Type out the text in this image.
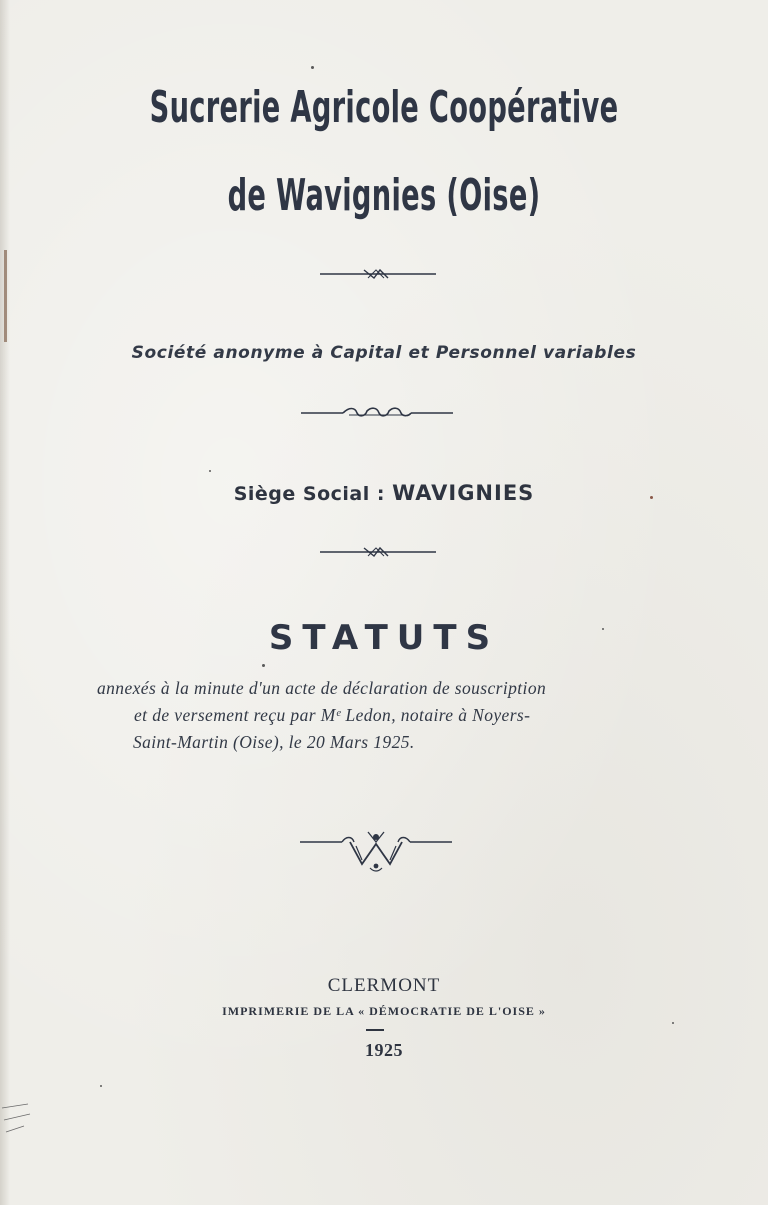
Sucrerie Agricole Coopérative
de Wavignies (Oise)
Société anonyme à Capital et Personnel variables
Siège Social : WAVIGNIES
STATUTS
annexés à la minute d'un acte de déclaration de souscription
et de versement reçu par Mᵉ Ledon, notaire à Noyers-
Saint-Martin (Oise), le 20 Mars 1925.
CLERMONT
IMPRIMERIE DE LA « DÉMOCRATIE DE L'OISE »
1925
